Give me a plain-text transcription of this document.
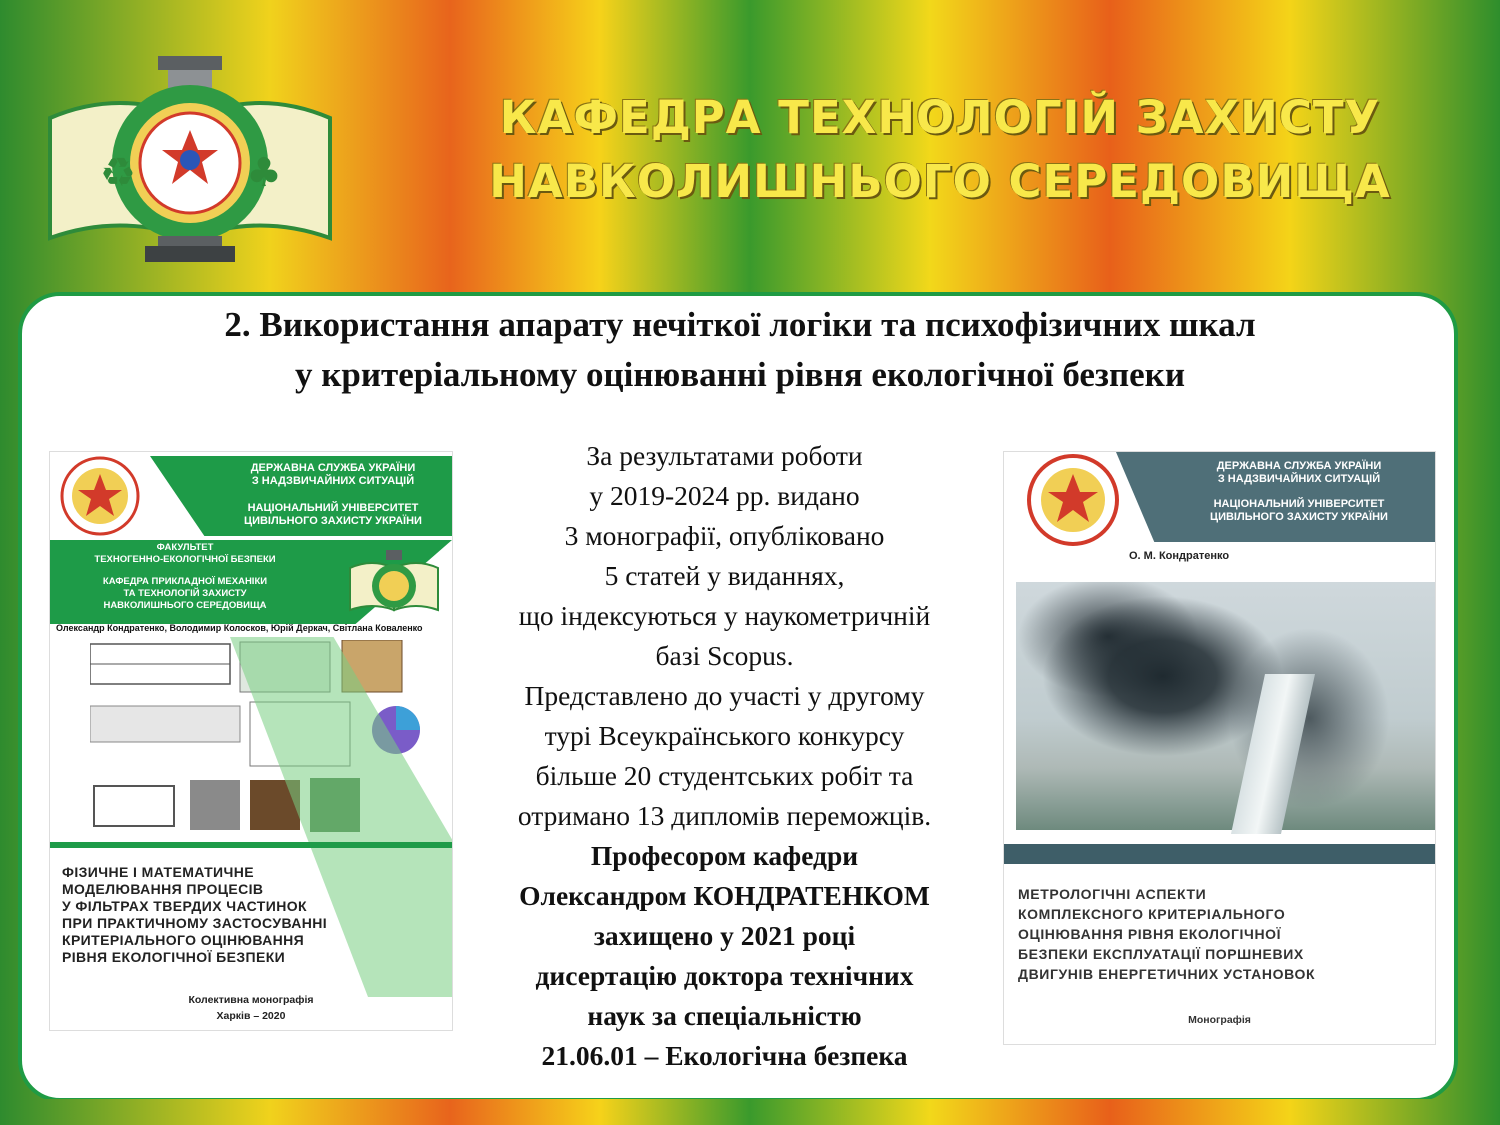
♻	♣
КАФЕДРА ТЕХНОЛОГІЙ ЗАХИСТУ
НАВКОЛИШНЬОГО СЕРЕДОВИЩА
2. Використання апарату нечіткої логіки та психофізичних шкал
у критеріальному оцінюванні рівня екологічної безпеки
ДЕРЖАВНА СЛУЖБА УКРАЇНИ
З НАДЗВИЧАЙНИХ СИТУАЦІЙ
НАЦІОНАЛЬНИЙ УНІВЕРСИТЕТ
ЦИВІЛЬНОГО ЗАХИСТУ УКРАЇНИ
ФАКУЛЬТЕТ
ТЕХНОГЕННО-ЕКОЛОГІЧНОЇ БЕЗПЕКИ
КАФЕДРА ПРИКЛАДНОЇ МЕХАНІКИ
ТА ТЕХНОЛОГІЙ ЗАХИСТУ
НАВКОЛИШНЬОГО СЕРЕДОВИЩА
Олександр Кондратенко, Володимир Колосков, Юрій Деркач, Світлана Коваленко
ФІЗИЧНЕ І МАТЕМАТИЧНЕ
МОДЕЛЮВАННЯ ПРОЦЕСІВ
У ФІЛЬТРАХ ТВЕРДИХ ЧАСТИНОК
ПРИ ПРАКТИЧНОМУ ЗАСТОСУВАННІ
КРИТЕРІАЛЬНОГО ОЦІНЮВАННЯ
РІВНЯ ЕКОЛОГІЧНОЇ БЕЗПЕКИ
Колективна монографія
Харків – 2020
За результатами роботи
у 2019-2024 рр. видано
3 монографії, опубліковано
5 статей у виданнях,
що індексуються у наукометричній
базі Scopus.
Представлено до участі у другому
турі Всеукраїнського конкурсу
більше 20 студентських робіт та
отримано 13 дипломів переможців.
Професором кафедри
Олександром КОНДРАТЕНКОМ
захищено у 2021 році
дисертацію доктора технічних
наук за спеціальністю
21.06.01 – Екологічна безпека
ДЕРЖАВНА СЛУЖБА УКРАЇНИ
З НАДЗВИЧАЙНИХ СИТУАЦІЙ
НАЦІОНАЛЬНИЙ УНІВЕРСИТЕТ
ЦИВІЛЬНОГО ЗАХИСТУ УКРАЇНИ
О. М. Кондратенко
МЕТРОЛОГІЧНІ АСПЕКТИ
КОМПЛЕКСНОГО КРИТЕРІАЛЬНОГО
ОЦІНЮВАННЯ РІВНЯ ЕКОЛОГІЧНОЇ
БЕЗПЕКИ ЕКСПЛУАТАЦІЇ ПОРШНЕВИХ
ДВИГУНІВ ЕНЕРГЕТИЧНИХ УСТАНОВОК
Монографія
